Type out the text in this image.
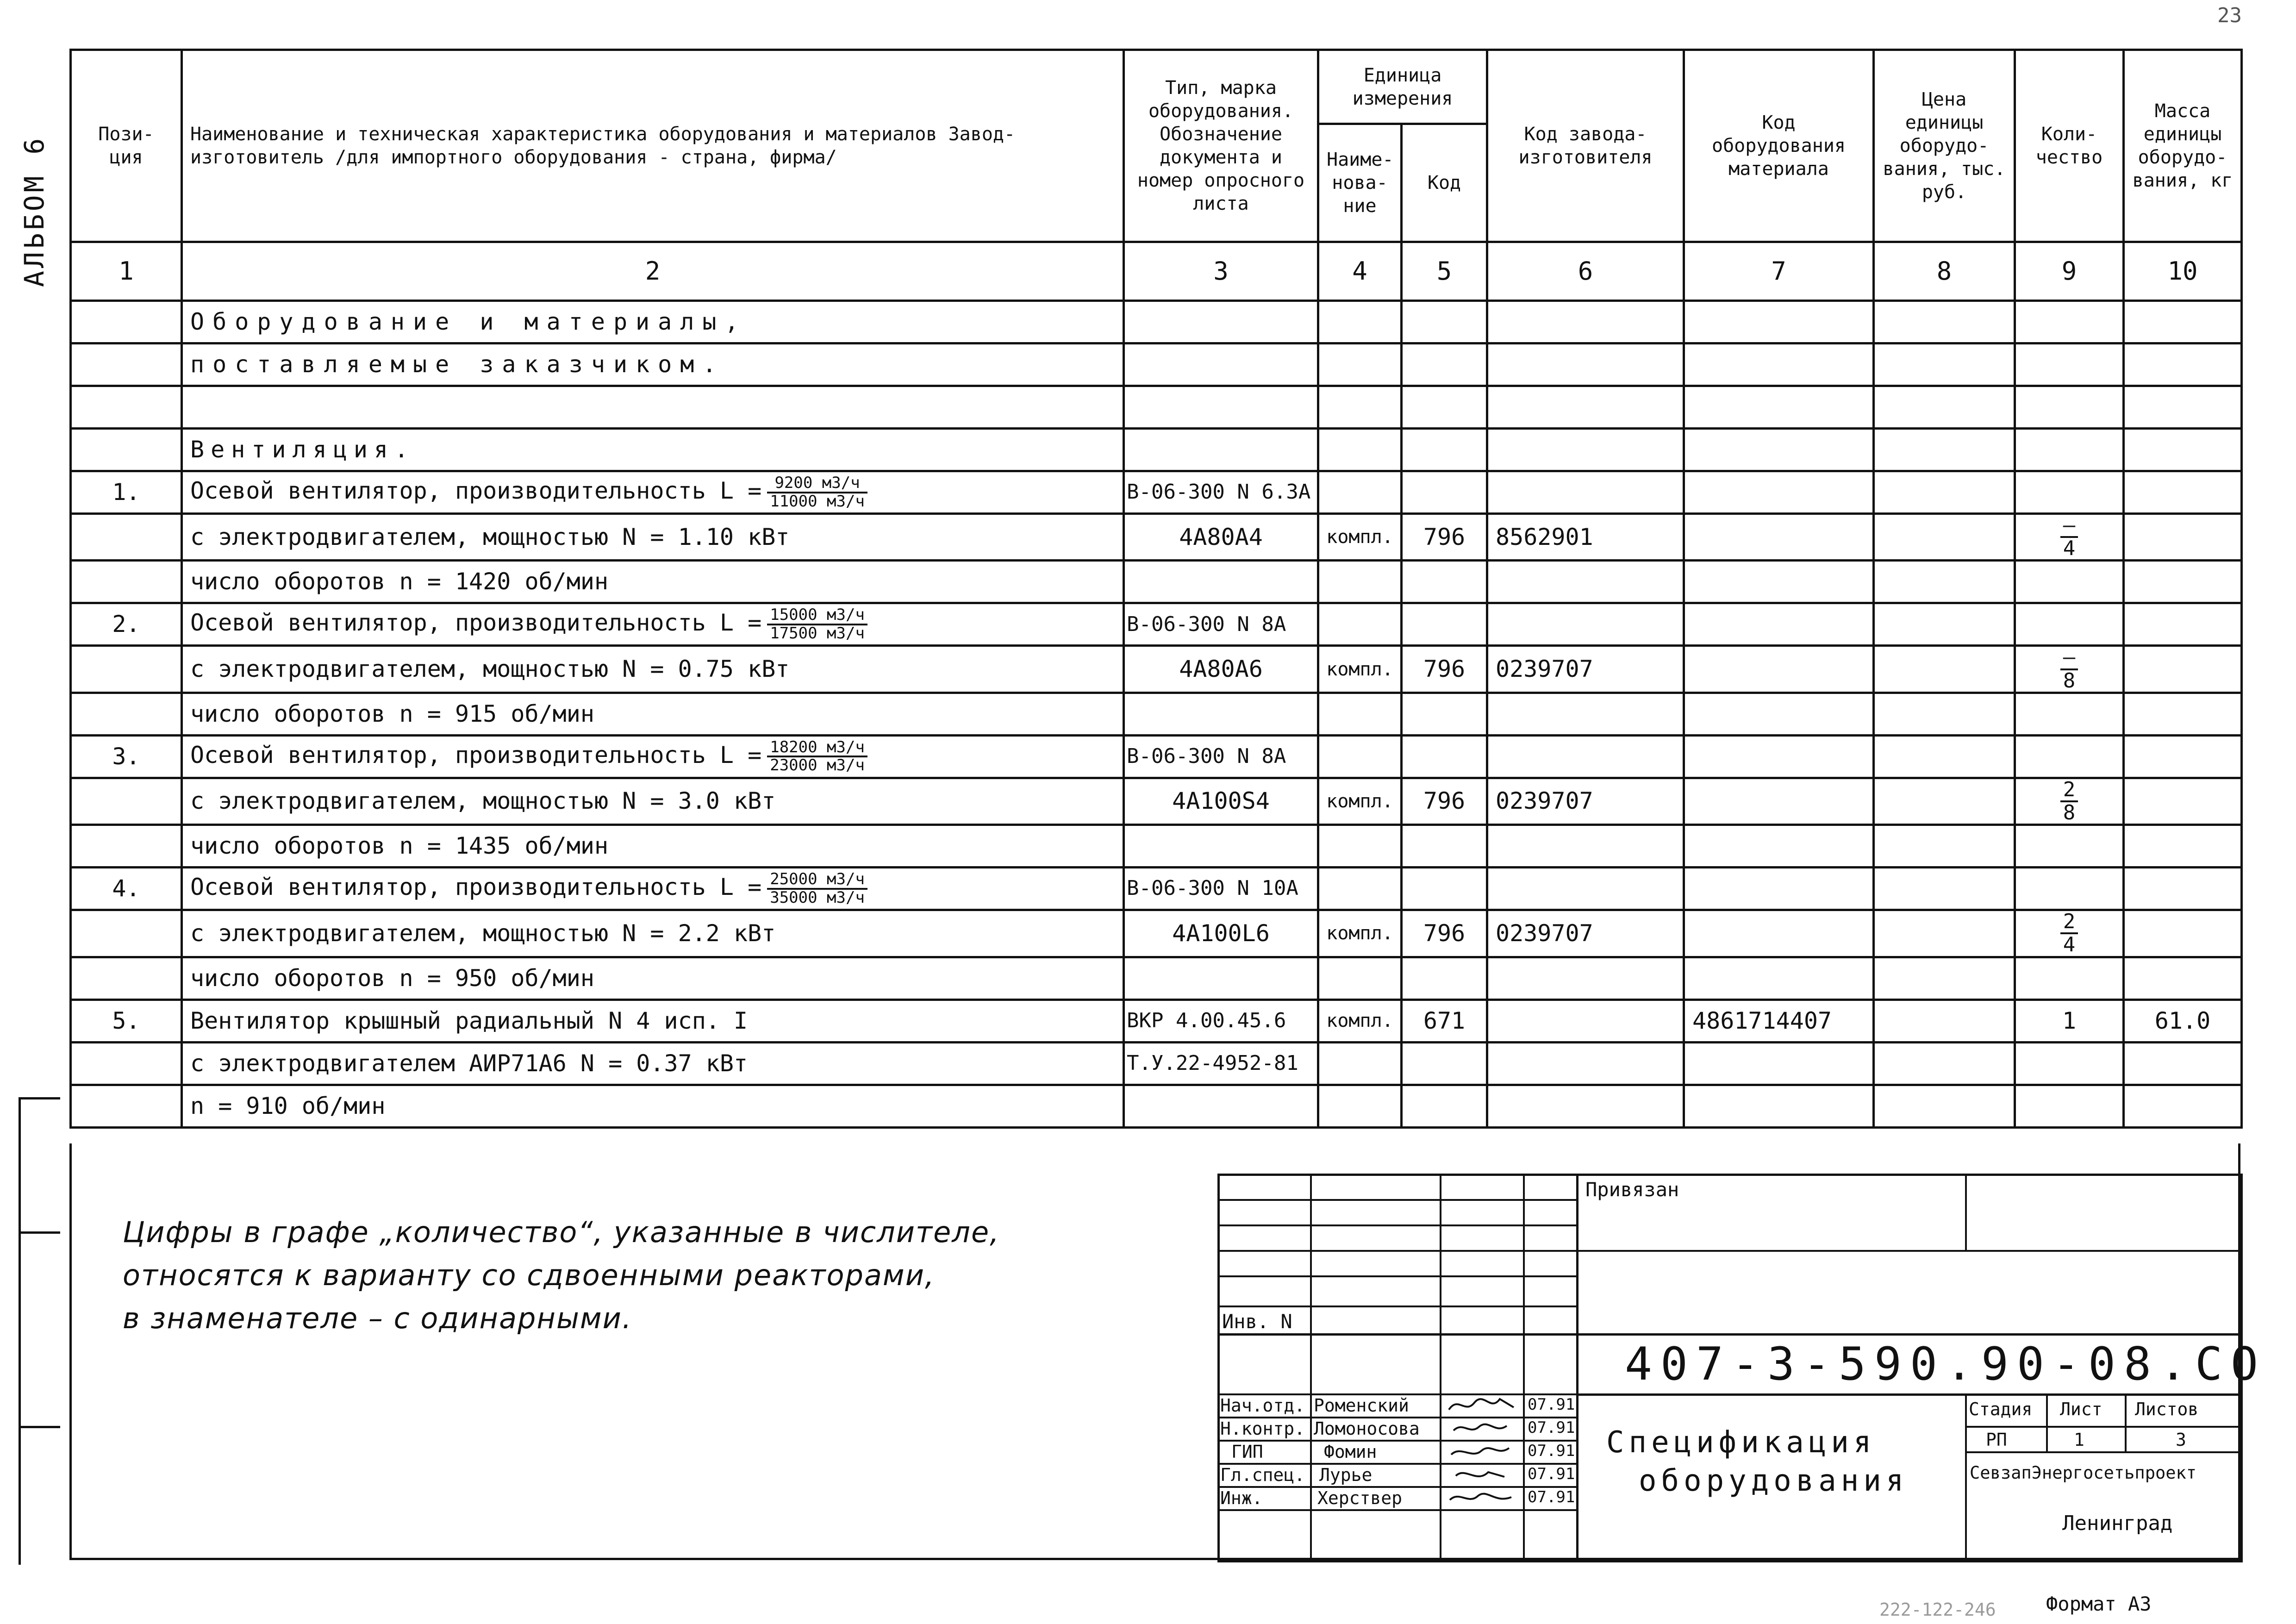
АЛЬБОМ 6
23
Пози- ция	Наименование и техническая характеристика оборудования и материалов Завод-изготовитель /для импортного оборудования - страна, фирма/	Тип, марка оборудования. Обозначение документа и номер опросного листа	Единица измерения		Код завода-изготовителя	Код оборудования материала	Цена единицы оборудо- вания, тыс. руб.	Коли- чество	Масса единицы оборудо- вания, кг
			Наиме- нова- ние	Код					
1	2	3	4	5	6	7	8	9	10
	Оборудование и материалы,								
	поставляемые заказчиком.								

	Вентиляция.								
1.	Осевой вентилятор, производительность $L = \frac{9200 м3/ч}{11000 м3/ч}$	В-06-300 N 6.3А							
	с электродвигателем, мощностью N = 1.10 кВт	4А80А4	компл.	796	8562901			$\frac{-}{4}$

	число оборотов n = 1420 об/мин								
2.	Осевой вентилятор, производительность $L = \frac{15000 м3/ч}{17500 м3/ч}$	В-06-300 N 8А							
	с электродвигателем, мощностью N = 0.75 кВт	4А80А6	компл.	796	0239707			$\frac{-}{8}$

	число оборотов n = 915 об/мин								
3.	Осевой вентилятор, производительность $L = \frac{18200 м3/ч}{23000 м3/ч}$	В-06-300 N 8А							
	с электродвигателем, мощностью N = 3.0 кВт	4А100S4	компл.	796	0239707			$\frac{2}{8}$

	число оборотов n = 1435 об/мин								
4.	Осевой вентилятор, производительность $L = \frac{25000 м3/ч}{35000 м3/ч}$	В-06-300 N 10А							
	с электродвигателем, мощностью N = 2.2 кВт	4А100L6	компл.	796	0239707			$\frac{2}{4}$

	число оборотов n = 950 об/мин								
5.	Вентилятор крышный радиальный N 4 исп. I	ВКР 4.00.45.6	компл.	671		4861714407		1	61.0
	с электродвигателем АИР71А6 N = 0.37 кВт	Т.У.22-4952-81							
	n = 910 об/мин								
Цифры в графе „количество“, указанные в числителе,
относятся к варианту со сдвоенными реакторами,
в знаменателе – с одинарными.
Привязан
Инв. N
407-3-590.90-08.СО
Нач.отд. Роменский	07.91
Н.контр. Ломоносова	07.91
ГИП	Фомин	07.91
Гл.спец. Лурье	07.91
Инж.	Херствер	07.91
Спецификация
оборудования
Стадия Лист Листов
РП	1	3
СевзапЭнергосетьпроект
Ленинград
222-122-246	Формат А3
